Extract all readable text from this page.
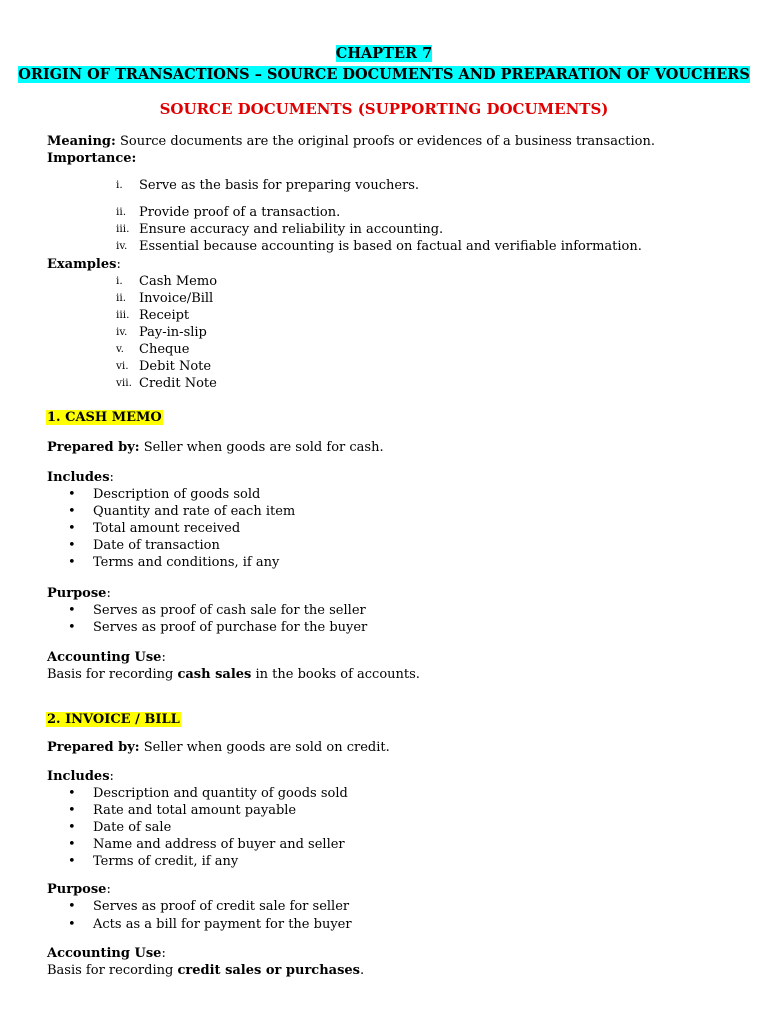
CHAPTER 7
ORIGIN OF TRANSACTIONS – SOURCE DOCUMENTS AND PREPARATION OF VOUCHERS
SOURCE DOCUMENTS (SUPPORTING DOCUMENTS)
Meaning: Source documents are the original proofs or evidences of a business transaction.
Importance:
i. Serve as the basis for preparing vouchers.
ii. Provide proof of a transaction.
iii. Ensure accuracy and reliability in accounting.
iv. Essential because accounting is based on factual and verifiable information.
Examples:
i. Cash Memo
ii. Invoice/Bill
iii. Receipt
iv. Pay-in-slip
v. Cheque
vi. Debit Note
vii. Credit Note
1. CASH MEMO
Prepared by: Seller when goods are sold for cash.
Includes:
• Description of goods sold
• Quantity and rate of each item
• Total amount received
• Date of transaction
• Terms and conditions, if any
Purpose:
• Serves as proof of cash sale for the seller
• Serves as proof of purchase for the buyer
Accounting Use:
Basis for recording cash sales in the books of accounts.
2. INVOICE / BILL
Prepared by: Seller when goods are sold on credit.
Includes:
• Description and quantity of goods sold
• Rate and total amount payable
• Date of sale
• Name and address of buyer and seller
• Terms of credit, if any
Purpose:
• Serves as proof of credit sale for seller
• Acts as a bill for payment for the buyer
Accounting Use:
Basis for recording credit sales or purchases.
